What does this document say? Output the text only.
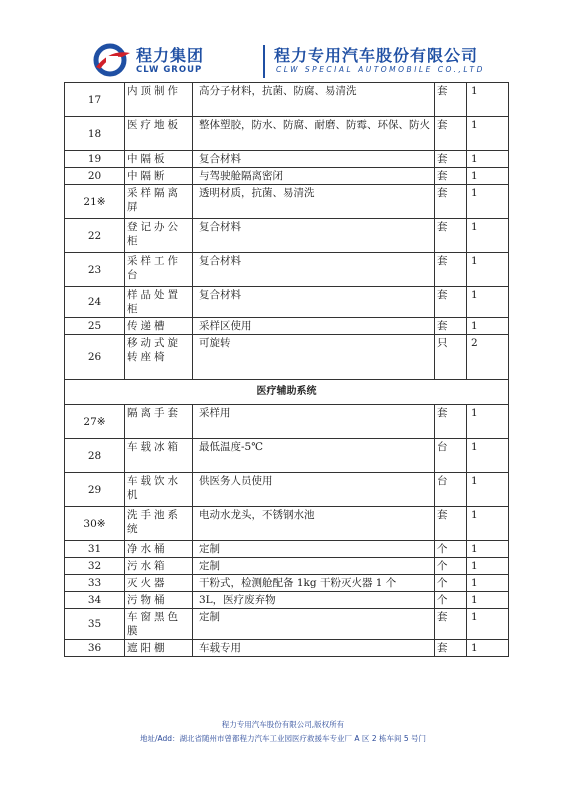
程力集团
CLW GROUP
程力专用汽车股份有限公司
CLW SPECIAL AUTOMOBILE CO.,LTD
17	内顶制作	高分子材料，抗菌、防腐、易清洗	套	1
18	医疗地板	整体塑胶，防水、防腐、耐磨、防霉、环保、防火	套	1
19	中隔板	复合材料	套	1
20	中隔断	与驾驶舱隔离密闭	套	1
21※	采样隔离屏	透明材质，抗菌、易清洗	套	1
22	登记办公柜	复合材料	套	1
23	采样工作台	复合材料	套	1
24	样品处置柜	复合材料	套	1
25	传递槽	采样区使用	套	1
26	移动式旋转座椅	可旋转	只	2
医疗辅助系统				
27※	隔离手套	采样用	套	1
28	车载冰箱	最低温度-5℃	台	1
29	车载饮水机	供医务人员使用	台	1
30※	洗手池系统	电动水龙头，不锈钢水池	套	1
31	净水桶	定制	个	1
32	污水箱	定制	个	1
33	灭火器	干粉式，检测舱配备 1kg 干粉灭火器 1 个	个	1
34	污物桶	3L，医疗废弃物	个	1
35	车窗黑色膜	定制	套	1
36	遮阳棚	车载专用	套	1
程力专用汽车股份有限公司,版权所有
地址/Add：湖北省随州市曾都程力汽车工业园医疗救援车专业厂 A 区 2 栋车间 5 号门
